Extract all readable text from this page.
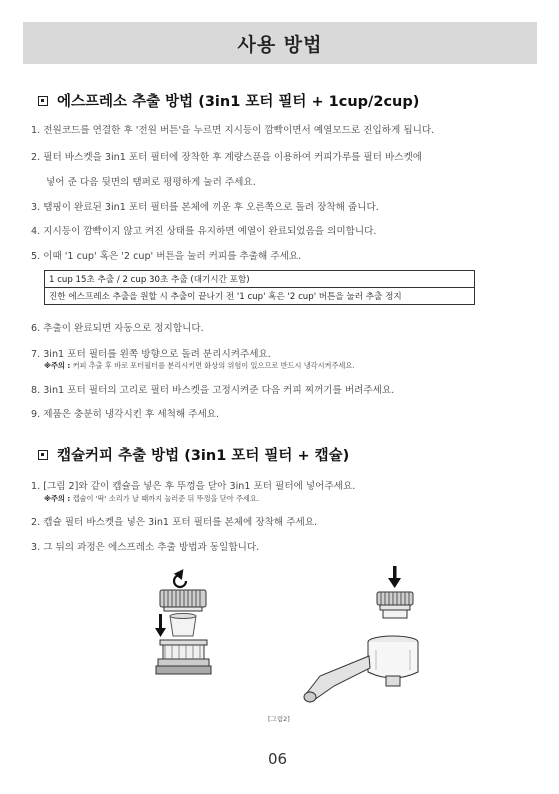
사용 방법
에스프레소 추출 방법 (3in1 포터 필터 + 1cup/2cup)
1. 전원코드를 연결한 후 '전원 버튼'을 누르면 지시등이 깜빡이면서 예열모드로 진입하게 됩니다.
2. 필터 바스켓을 3in1 포터 필터에 장착한 후 계량스푼을 이용하여 커피가루를 필터 바스켓에
넣어 준 다음 뒷면의 탬퍼로 평평하게 눌러 주세요.
3. 탬핑이 완료된 3in1 포터 필터를 본체에 끼운 후 오른쪽으로 돌려 장착해 줍니다.
4. 지시등이 깜빡이지 않고 켜진 상태를 유지하면 예열이 완료되었음을 의미합니다.
5. 이때 '1 cup' 혹은 '2 cup' 버튼을 눌러 커피를 추출해 주세요.
1 cup 15초 추출 / 2 cup 30초 추출 (대기시간 포함)
진한 에스프레소 추출을 원할 시 추출이 끝나기 전 '1 cup' 혹은 '2 cup' 버튼을 눌러 추출 정지
6. 추출이 완료되면 자동으로 정지합니다.
7. 3in1 포터 필터를 왼쪽 방향으로 돌려 분리시켜주세요.
※주의 : 커피 추출 후 바로 포터필터를 분리시키면 화상의 위험이 있으므로 반드시 냉각시켜주세요.
8. 3in1 포터 필터의 고리로 필터 바스켓을 고정시켜준 다음 커피 찌꺼기를 버려주세요.
9. 제품은 충분히 냉각시킨 후 세척해 주세요.
캡슐커피 추출 방법 (3in1 포터 필터 + 캡슐)
1. [그림 2]와 같이 캡슐을 넣은 후 뚜껑을 닫아 3in1 포터 필터에 넣어주세요.
※주의 : 캡슐이 '딱' 소리가 날 때까지 눌러준 뒤 뚜껑을 닫아 주세요.
2. 캡슐 필터 바스켓을 넣은 3in1 포터 필터를 본체에 장착해 주세요.
3. 그 뒤의 과정은 에스프레소 추출 방법과 동일합니다.
[그림2]
06
